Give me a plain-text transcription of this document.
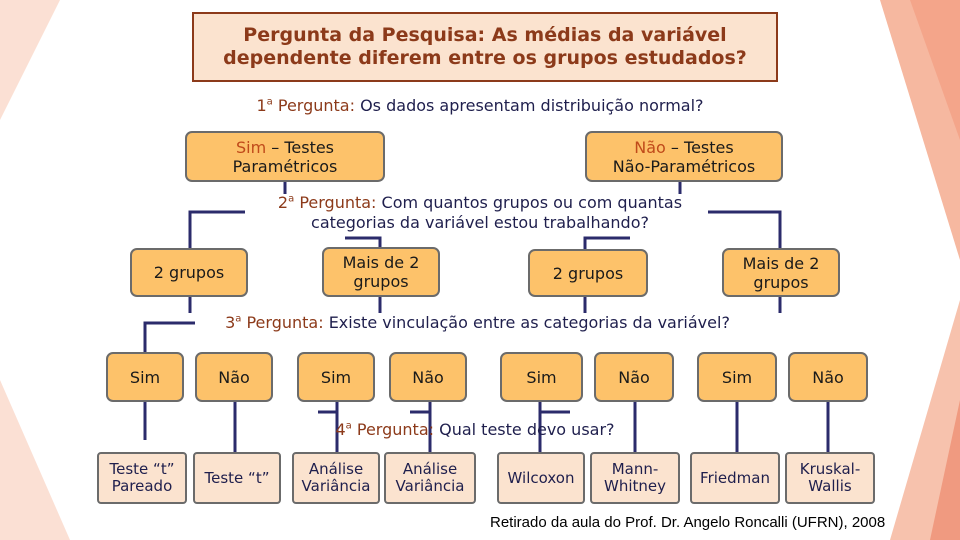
Pergunta da Pesquisa: As médias da variável
dependente diferem entre os grupos estudados?
1$^a$ Pergunta: Os dados apresentam distribuição normal?
Sim – Testes
Paramétricos
Não – Testes
Não-Paramétricos
2$^a$ Pergunta: Com quantos grupos ou com quantas
categorias da variável estou trabalhando?
2 grupos
Mais de 2 grupos	2 grupos
Mais de 2 grupos
3$^a$ Pergunta: Existe vinculação entre as categorias da variável?
Sim	Não	Sim	Não	Sim	Não	Sim	Não
4$^a$ Pergunta: Qual teste devo usar?
Teste “t”
Pareado Teste “t”	Análise
Variância
Análise
Variância	Wilcoxon	Mann-
Whitney Friedman Kruskal-
Wallis
Retirado da aula do Prof. Dr. Angelo Roncalli (UFRN), 2008
